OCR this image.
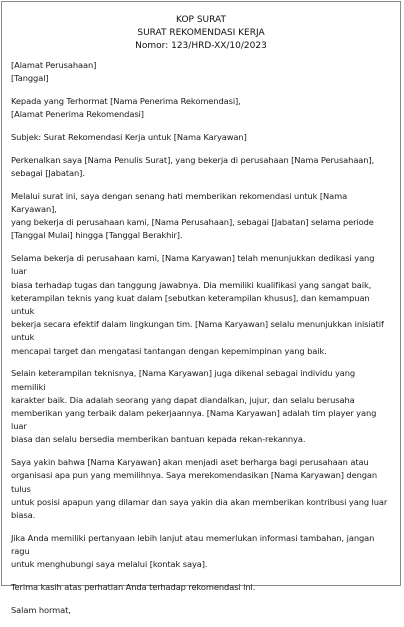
KOP SURAT
SURAT REKOMENDASI KERJA
Nomor: 123/HRD-XX/10/2023

[Alamat Perusahaan]
[Tanggal]

Kepada yang Terhormat [Nama Penerima Rekomendasi],
[Alamat Penerima Rekomendasi]

Subjek: Surat Rekomendasi Kerja untuk [Nama Karyawan]

Perkenalkan saya [Nama Penulis Surat], yang bekerja di perusahaan [Nama Perusahaan],
sebagai [Jabatan].

Melalui surat ini, saya dengan senang hati memberikan rekomendasi untuk [Nama Karyawan],
yang bekerja di perusahaan kami, [Nama Perusahaan], sebagai [Jabatan] selama periode
[Tanggal Mulai] hingga [Tanggal Berakhir].

Selama bekerja di perusahaan kami, [Nama Karyawan] telah menunjukkan dedikasi yang luar
biasa terhadap tugas dan tanggung jawabnya. Dia memiliki kualifikasi yang sangat baik,
keterampilan teknis yang kuat dalam [sebutkan keterampilan khusus], dan kemampuan untuk
bekerja secara efektif dalam lingkungan tim. [Nama Karyawan] selalu menunjukkan inisiatif untuk
mencapai target dan mengatasi tantangan dengan kepemimpinan yang baik.

Selain keterampilan teknisnya, [Nama Karyawan] juga dikenal sebagai individu yang memiliki
karakter baik. Dia adalah seorang yang dapat diandalkan, jujur, dan selalu berusaha
memberikan yang terbaik dalam pekerjaannya. [Nama Karyawan] adalah tim player yang luar
biasa dan selalu bersedia memberikan bantuan kepada rekan-rekannya.

Saya yakin bahwa [Nama Karyawan] akan menjadi aset berharga bagi perusahaan atau
organisasi apa pun yang memilihnya. Saya merekomendasikan [Nama Karyawan] dengan tulus
untuk posisi apapun yang dilamar dan saya yakin dia akan memberikan kontribusi yang luar
biasa.

Jika Anda memiliki pertanyaan lebih lanjut atau memerlukan informasi tambahan, jangan ragu
untuk menghubungi saya melalui [kontak saya].

Terima kasih atas perhatian Anda terhadap rekomendasi ini.

Salam hormat,
